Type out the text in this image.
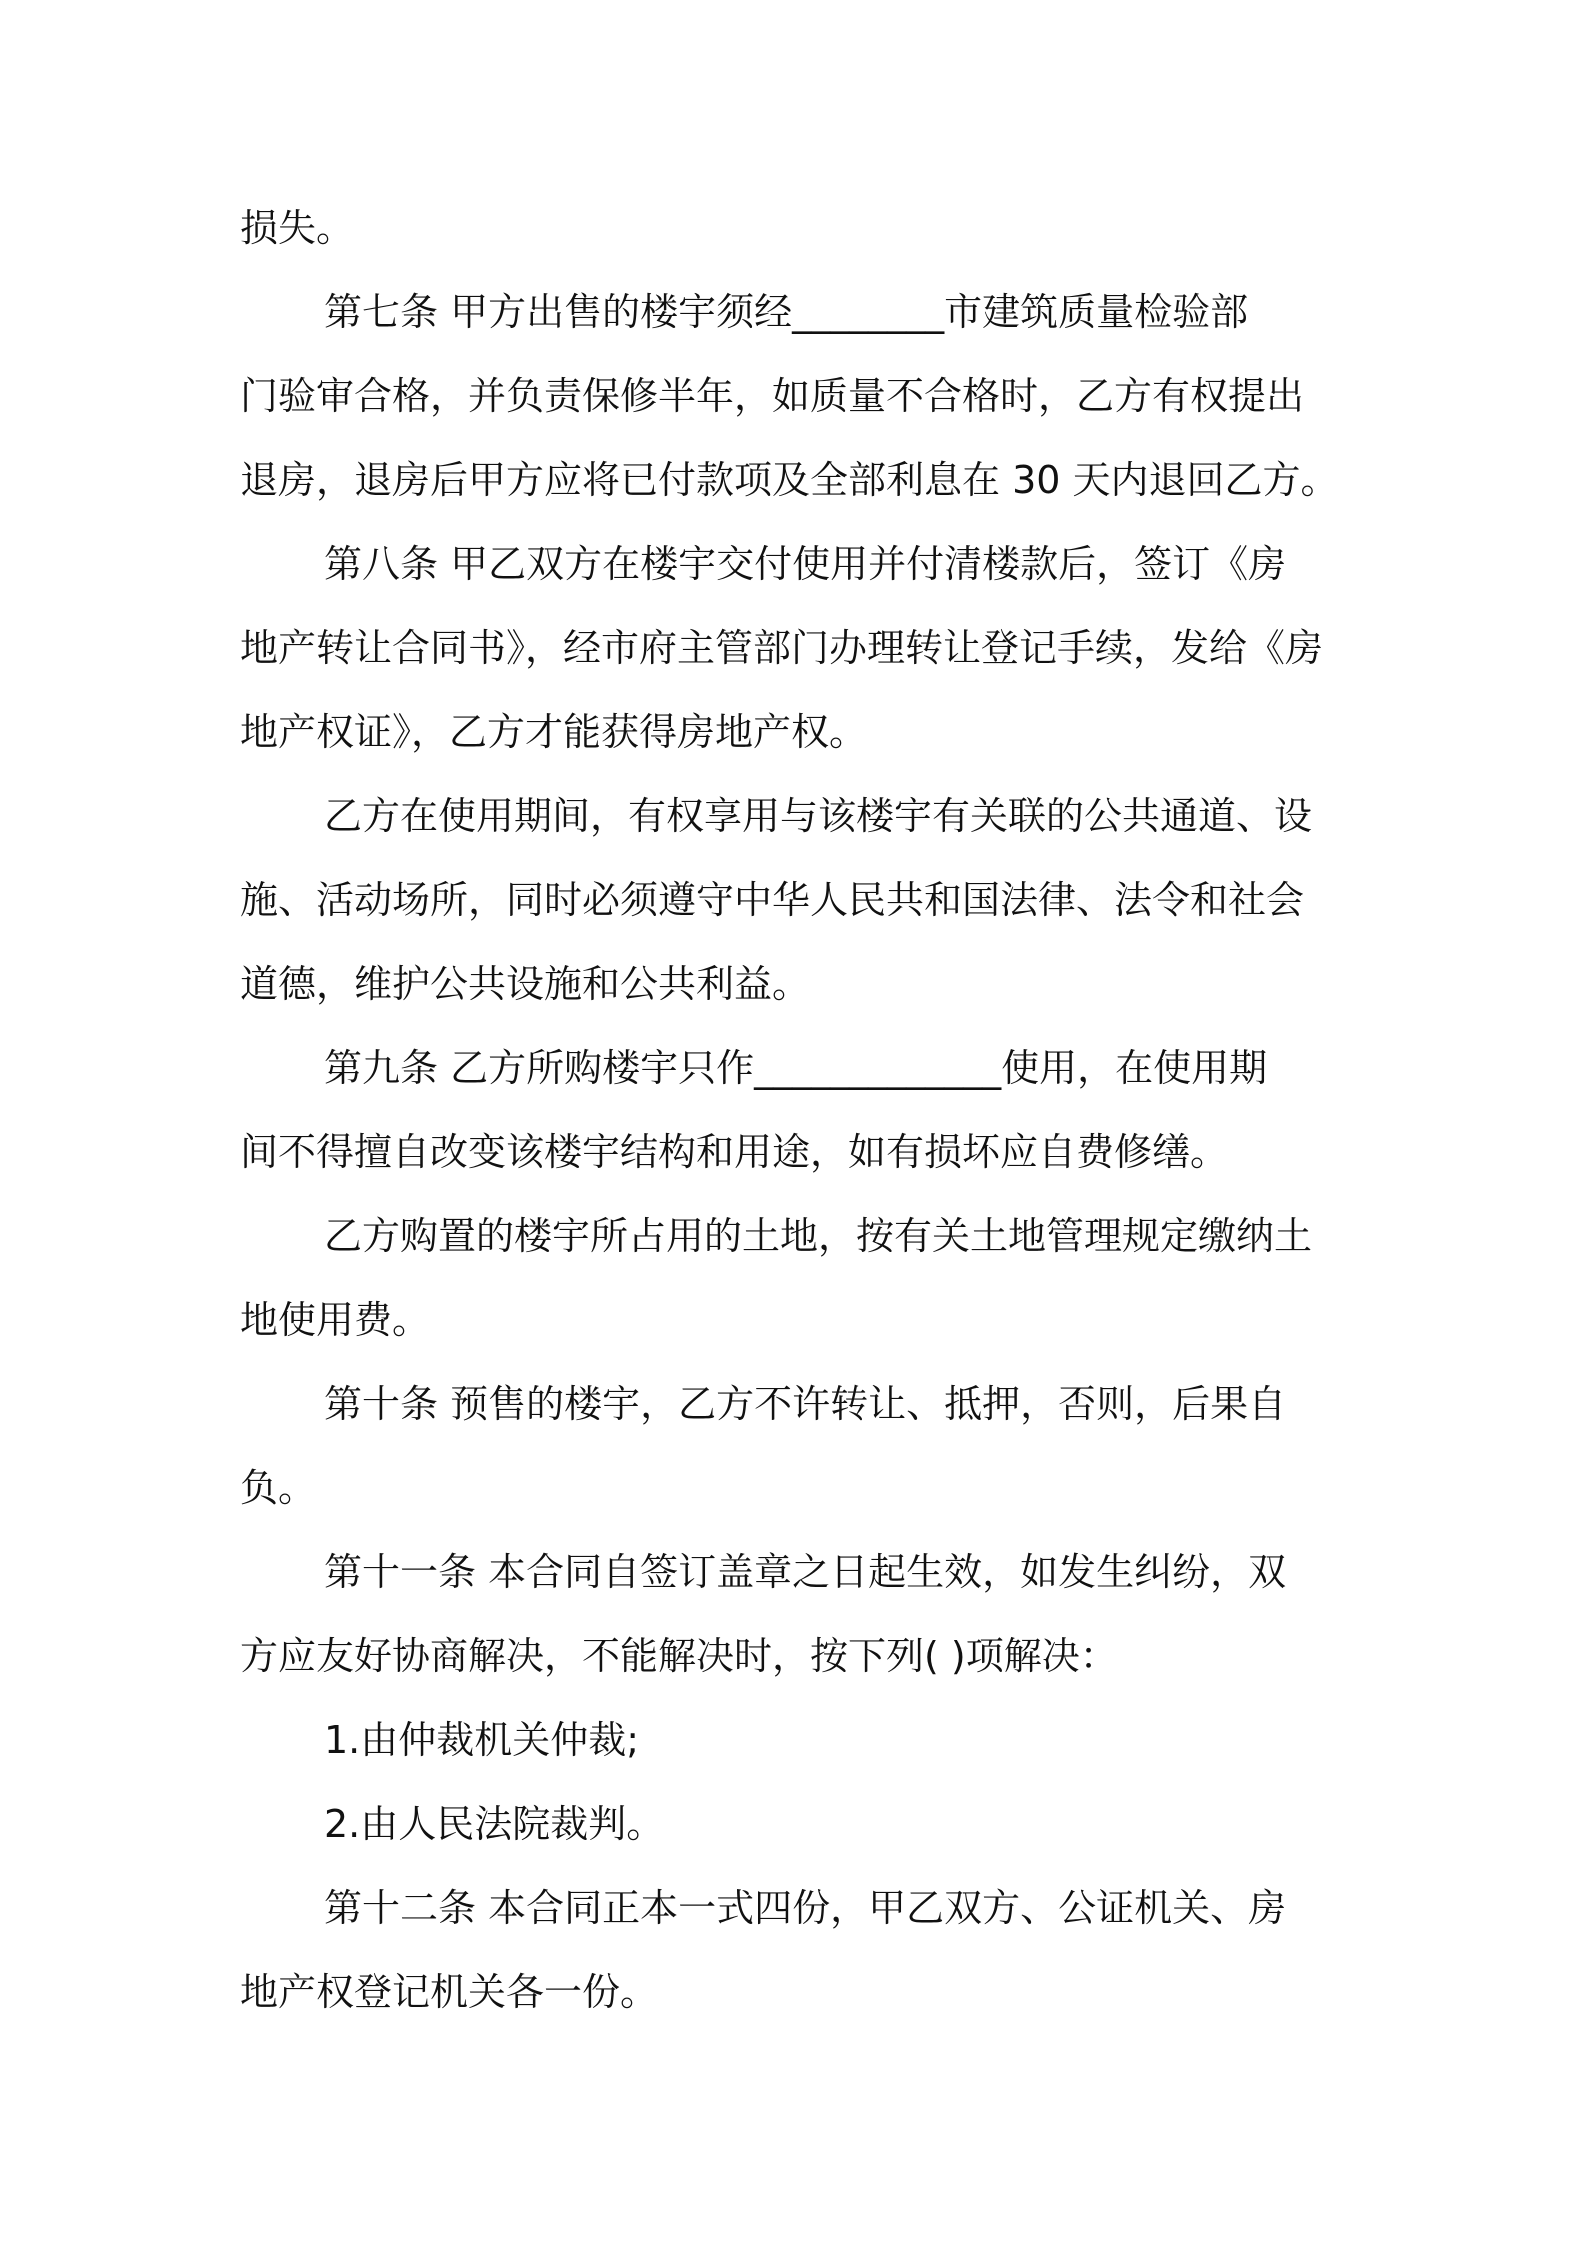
损失。
第七条 甲方出售的楼宇须经________市建筑质量检验部
门验审合格，并负责保修半年，如质量不合格时，乙方有权提出
退房，退房后甲方应将已付款项及全部利息在 30 天内退回乙方。
第八条 甲乙双方在楼宇交付使用并付清楼款后，签订《房
地产转让合同书》，经市府主管部门办理转让登记手续，发给《房
地产权证》，乙方才能获得房地产权。
乙方在使用期间，有权享用与该楼宇有关联的公共通道、设
施、活动场所，同时必须遵守中华人民共和国法律、法令和社会
道德，维护公共设施和公共利益。
第九条 乙方所购楼宇只作_____________使用，在使用期
间不得擅自改变该楼宇结构和用途，如有损坏应自费修缮。
乙方购置的楼宇所占用的土地，按有关土地管理规定缴纳土
地使用费。
第十条 预售的楼宇，乙方不许转让、抵押，否则，后果自
负。
第十一条 本合同自签订盖章之日起生效，如发生纠纷，双
方应友好协商解决，不能解决时，按下列( )项解决：
1.由仲裁机关仲裁;
2.由人民法院裁判。
第十二条 本合同正本一式四份，甲乙双方、公证机关、房
地产权登记机关各一份。
